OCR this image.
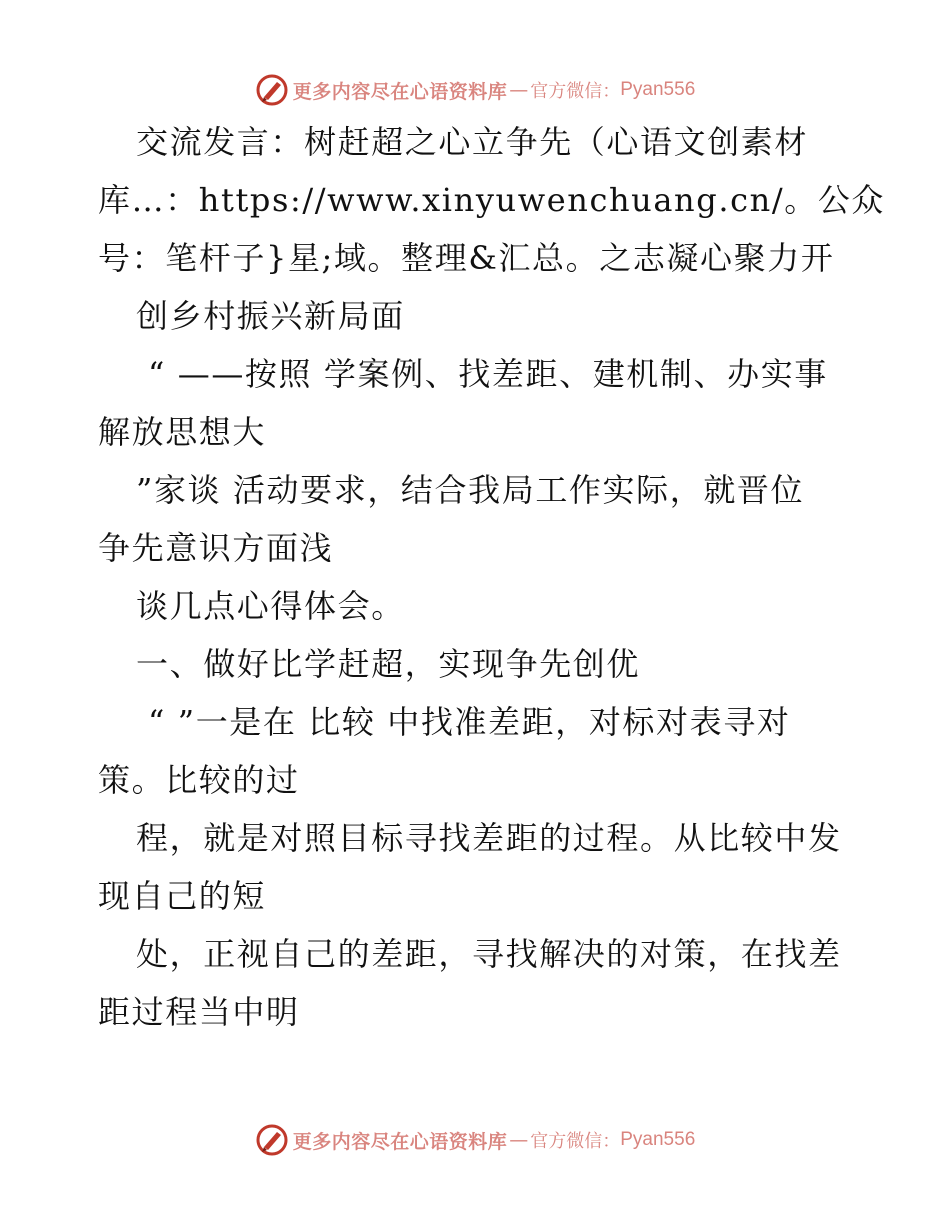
更多内容尽在心语资料库 — 官方微信： Pyan556
交流发言：树赶超之心立争先（心语文创素材
库…：https://www.xinyuwenchuang.cn/。公众
号：笔杆子}星;域。整理&汇总。之志凝心聚力开
创乡村振兴新局面
“ ——按照 学案例、找差距、建机制、办实事
解放思想大
”家谈 活动要求，结合我局工作实际，就晋位
争先意识方面浅
谈几点心得体会。
一、做好比学赶超，实现争先创优
“ ”一是在 比较 中找准差距，对标对表寻对
策。比较的过
程，就是对照目标寻找差距的过程。从比较中发
现自己的短
处，正视自己的差距，寻找解决的对策，在找差
距过程当中明
更多内容尽在心语资料库 — 官方微信： Pyan556
